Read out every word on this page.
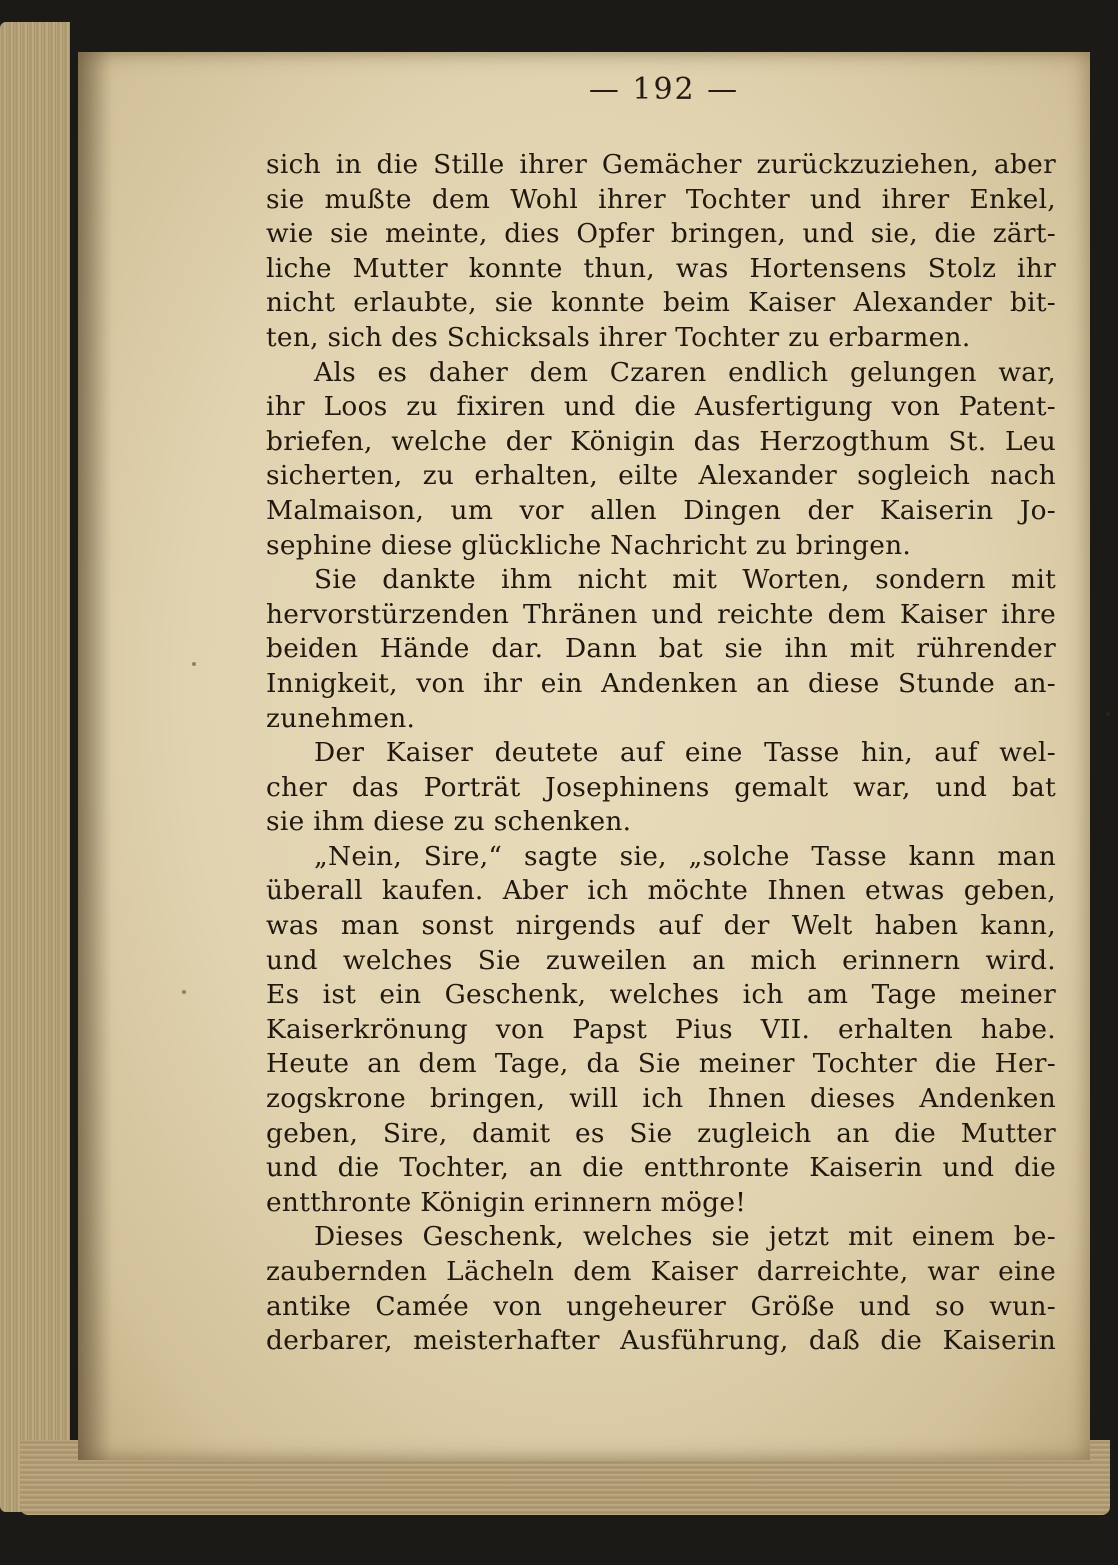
— 192 —
sich in die Stille ihrer Gemächer zurückzuziehen, aber
sie mußte dem Wohl ihrer Tochter und ihrer Enkel,
wie sie meinte, dies Opfer bringen, und sie, die zärt-
liche Mutter konnte thun, was Hortensens Stolz ihr
nicht erlaubte, sie konnte beim Kaiser Alexander bit-
ten, sich des Schicksals ihrer Tochter zu erbarmen.
Als es daher dem Czaren endlich gelungen war,
ihr Loos zu fixiren und die Ausfertigung von Patent-
briefen, welche der Königin das Herzogthum St. Leu
sicherten, zu erhalten, eilte Alexander sogleich nach
Malmaison, um vor allen Dingen der Kaiserin Jo-
sephine diese glückliche Nachricht zu bringen.
Sie dankte ihm nicht mit Worten, sondern mit
hervorstürzenden Thränen und reichte dem Kaiser ihre
beiden Hände dar. Dann bat sie ihn mit rührender
Innigkeit, von ihr ein Andenken an diese Stunde an-
zunehmen.
Der Kaiser deutete auf eine Tasse hin, auf wel-
cher das Porträt Josephinens gemalt war, und bat
sie ihm diese zu schenken.
„Nein, Sire,“ sagte sie, „solche Tasse kann man
überall kaufen. Aber ich möchte Ihnen etwas geben,
was man sonst nirgends auf der Welt haben kann,
und welches Sie zuweilen an mich erinnern wird.
Es ist ein Geschenk, welches ich am Tage meiner
Kaiserkrönung von Papst Pius VII. erhalten habe.
Heute an dem Tage, da Sie meiner Tochter die Her-
zogskrone bringen, will ich Ihnen dieses Andenken
geben, Sire, damit es Sie zugleich an die Mutter
und die Tochter, an die entthronte Kaiserin und die
entthronte Königin erinnern möge!
Dieses Geschenk, welches sie jetzt mit einem be-
zaubernden Lächeln dem Kaiser darreichte, war eine
antike Camée von ungeheurer Größe und so wun-
derbarer, meisterhafter Ausführung, daß die Kaiserin
